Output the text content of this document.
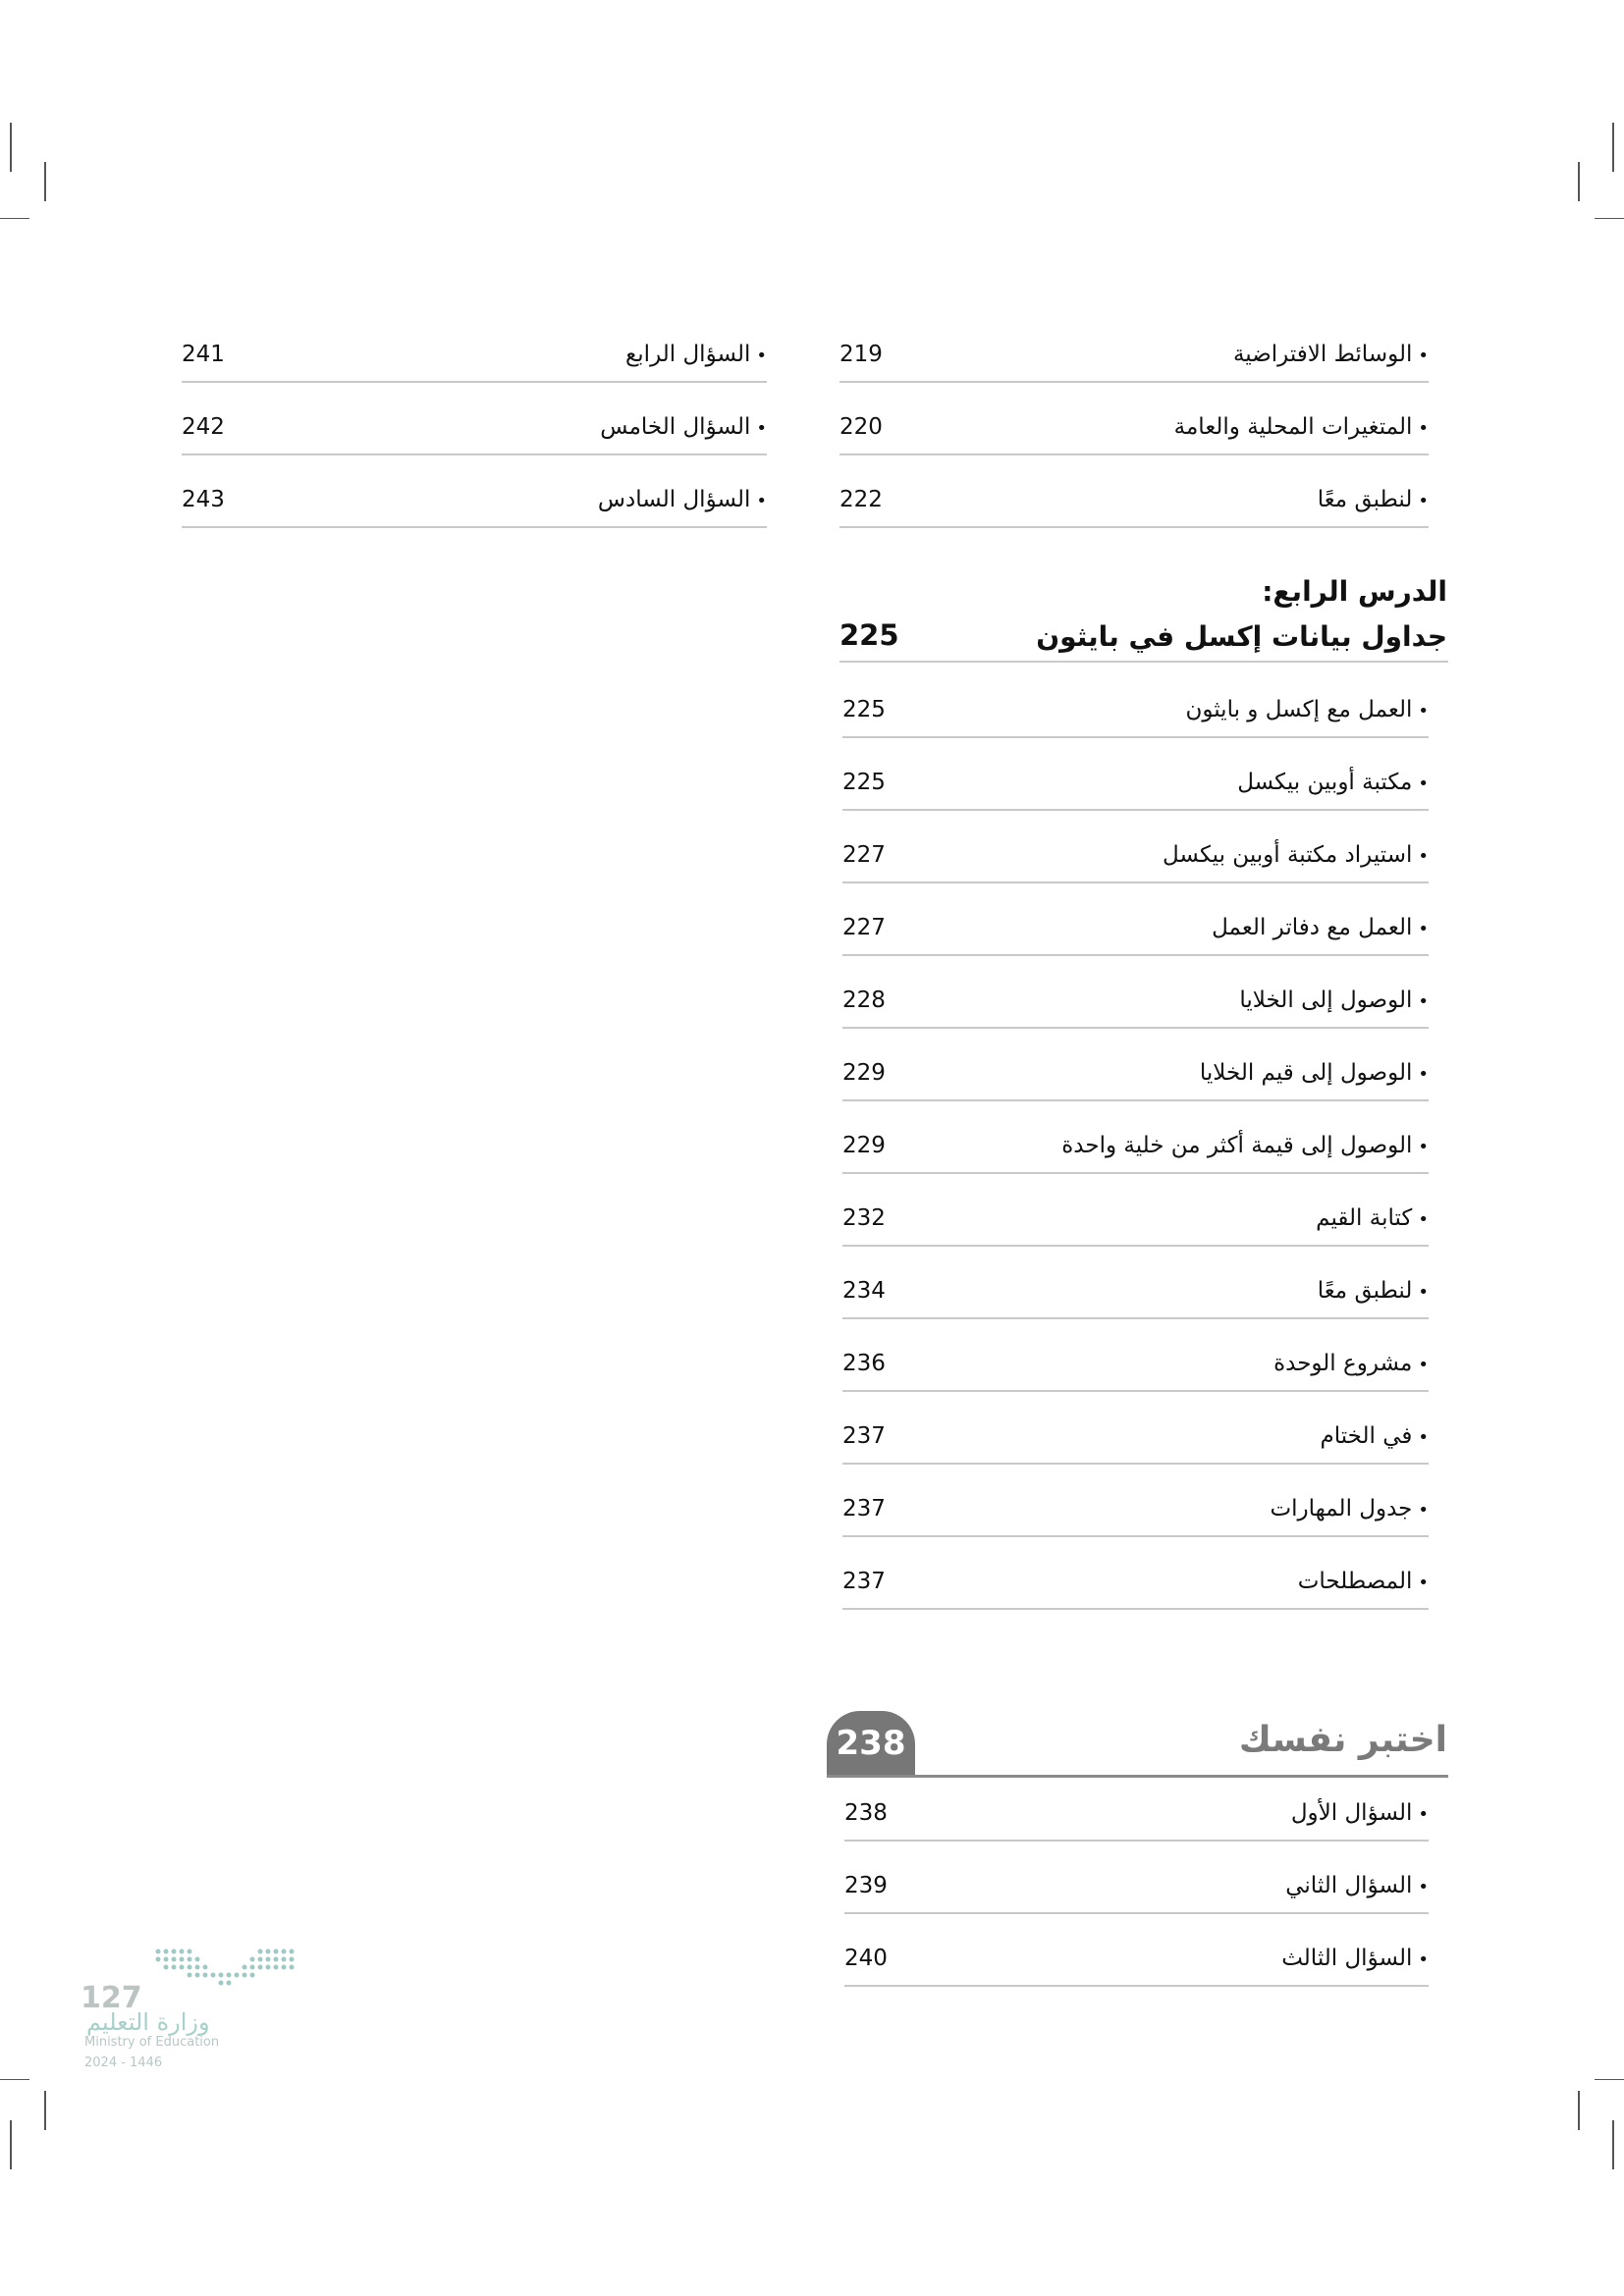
•الوسائط الافتراضية
219
•المتغيرات المحلية والعامة
220
•لنطبق معًا
222
الدرس الرابع:
جداول بيانات إكسل في بايثون
225
•العمل مع إكسل و بايثون
225
•مكتبة أوبين بيكسل
225
•استيراد مكتبة أوبين بيكسل
227
•العمل مع دفاتر العمل
227
•الوصول إلى الخلايا
228
•الوصول إلى قيم الخلايا
229
•الوصول إلى قيمة أكثر من خلية واحدة
229
•كتابة القيم
232
•لنطبق معًا
234
•مشروع الوحدة
236
•في الختام
237
•جدول المهارات
237
•المصطلحات
237
238	اختبر نفسك
•السؤال الأول
238
•السؤال الثاني
239
•السؤال الثالث
240
•السؤال الرابع
241
•السؤال الخامس
242
•السؤال السادس
243
127
وزارة التعليم
Ministry of Education
2024 - 1446
